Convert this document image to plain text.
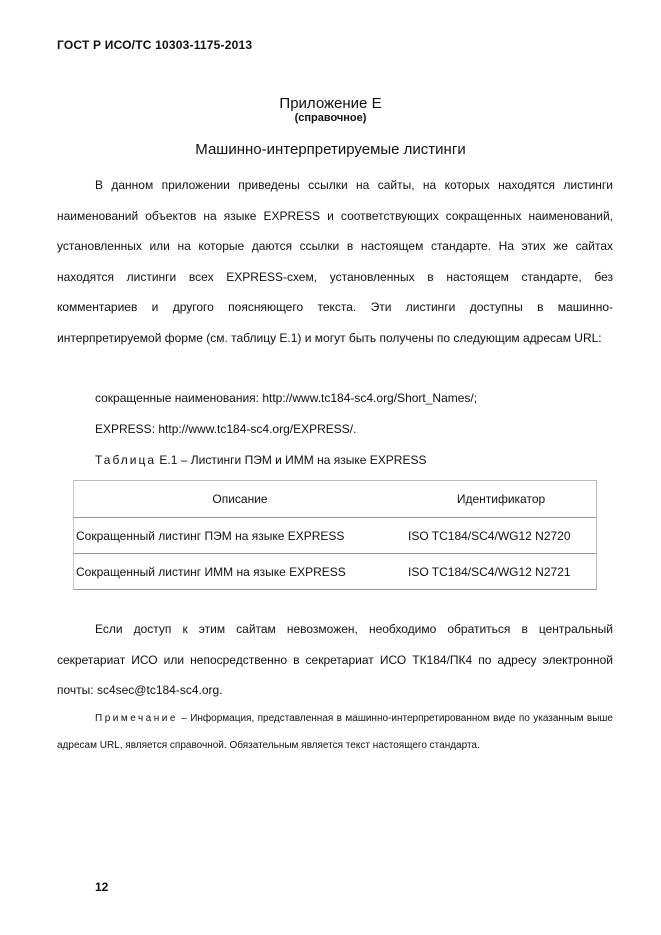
ГОСТ Р ИСО/ТС 10303-1175-2013
Приложение Е
(справочное)
Машинно-интерпретируемые листинги

В данном приложении приведены ссылки на сайты, на которых находятся листинги наименований объектов на языке EXPRESS и соответствующих сокращенных наименований, установленных или на которые даются ссылки в настоящем стандарте. На этих же сайтах находятся листинги всех EXPRESS-схем, установленных в настоящем стандарте, без комментариев и другого поясняющего текста. Эти листинги доступны в машинно-интерпретируемой форме (см. таблицу Е.1) и могут быть получены по следующим адресам URL:

сокращенные наименования: http://www.tc184-sc4.org/Short_Names/;
EXPRESS: http://www.tc184-sc4.org/EXPRESS/.
Таблица Е.1 – Листинги ПЭМ и ИММ на языке EXPRESS
Описание	Идентификатор
Сокращенный листинг ПЭМ на языке EXPRESS	ISO TC184/SC4/WG12 N2720
Сокращенный листинг ИММ на языке EXPRESS	ISO TC184/SC4/WG12 N2721

Если доступ к этим сайтам невозможен, необходимо обратиться в центральный секретариат ИСО или непосредственно в секретариат ИСО ТК184/ПК4 по адресу электронной почты: sc4sec@tc184-sc4.org.

Примечание – Информация, представленная в машинно-интерпретированном виде по указанным выше адресам URL, является справочной. Обязательным является текст настоящего стандарта.

12
